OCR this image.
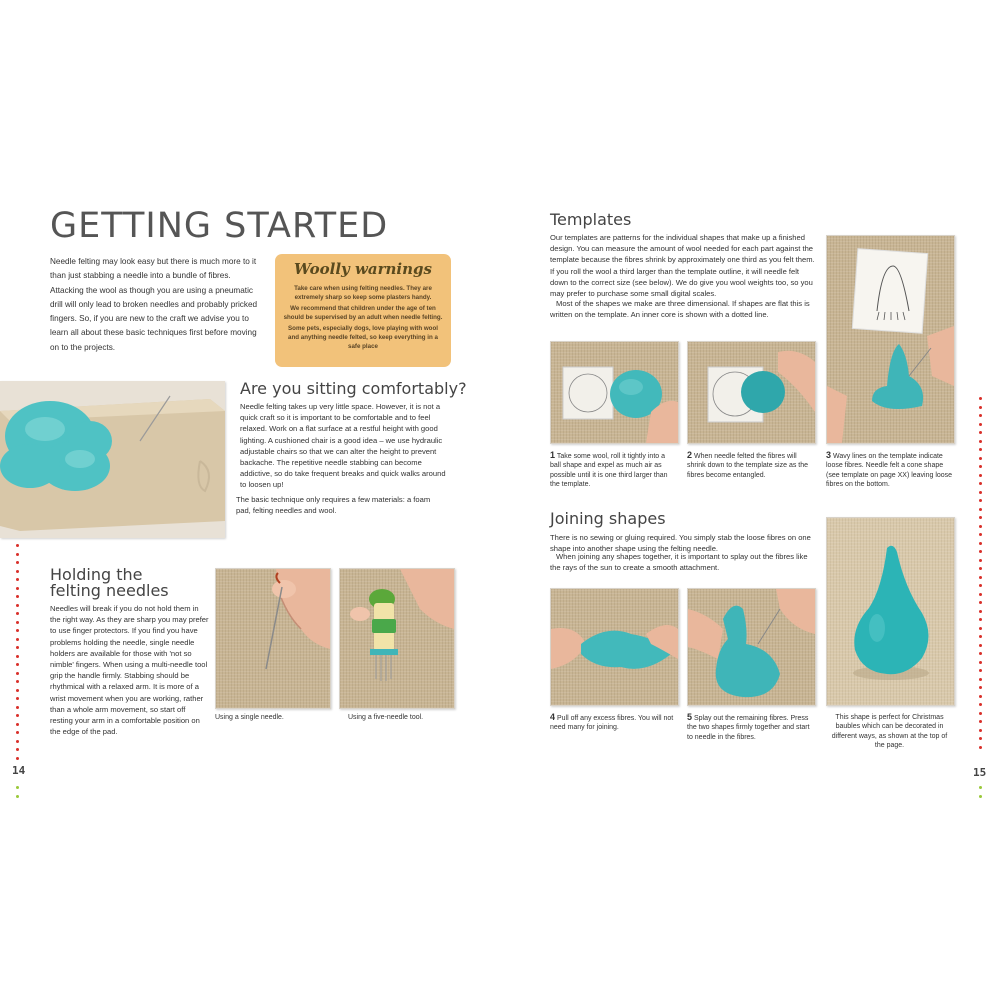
GETTING STARTED

Needle felting may look easy but there is much more to it than just stabbing a needle into a bundle of fibres. Attacking the wool as though you are using a pneumatic drill will only lead to broken needles and probably pricked fingers. So, if you are new to the craft we advise you to learn all about these basic techniques first before moving on to the projects.

Woolly warnings

Take care when using felting needles. They are extremely sharp so keep some plasters handy.

We recommend that children under the age of ten should be supervised by an adult when needle felting.

Some pets, especially dogs, love playing with wool and anything needle felted, so keep everything in a safe place

Are you sitting comfortably?

Needle felting takes up very little space. However, it is not a quick craft so it is important to be comfortable and to feel relaxed. Work on a flat surface at a restful height with good lighting. A cushioned chair is a good idea – we use hydraulic adjustable chairs so that we can alter the height to prevent backache. The repetitive needle stabbing can become addictive, so do take frequent breaks and quick walks around to loosen up!

The basic technique only requires a few materials: a foam pad, felting needles and wool.

Holding the
felting needles

Needles will break if you do not hold them in the right way. As they are sharp you may prefer to use finger protectors. If you find you have problems holding the needle, single needle holders are available for those with 'not so nimble' fingers. When using a multi-needle tool grip the handle firmly. Stabbing should be rhythmical with a relaxed arm. It is more of a wrist movement when you are working, rather than a whole arm movement, so start off resting your arm in a comfortable position on the edge of the pad.

Using a single needle.	Using a five-needle tool.

14
Templates

Our templates are patterns for the individual shapes that make up a finished design. You can measure the amount of wool needed for each part against the template because the fibres shrink by approximately one third as you felt them. If you roll the wool a third larger than the template outline, it will needle felt down to the correct size (see below). We do give you wool weights too, so you may prefer to purchase some small digital scales.

Most of the shapes we make are three dimensional. If shapes are flat this is written on the template. An inner core is shown with a dotted line.

1 Take some wool, roll it tightly into a ball shape and expel as much air as possible until it is one third larger than the template.

2 When needle felted the fibres will shrink down to the template size as the fibres become entangled.

3 Wavy lines on the template indicate loose fibres. Needle felt a cone shape (see template on page XX) leaving loose fibres on the bottom.

Joining shapes

There is no sewing or gluing required. You simply stab the loose fibres on one shape into another shape using the felting needle.

When joining any shapes together, it is important to splay out the fibres like the rays of the sun to create a smooth attachment.

4 Pull off any excess fibres. You will not need many for joining.

5 Splay out the remaining fibres. Press the two shapes firmly together and start to needle in the fibres.

This shape is perfect for Christmas baubles which can be decorated in different ways, as shown at the top of the page.

15
